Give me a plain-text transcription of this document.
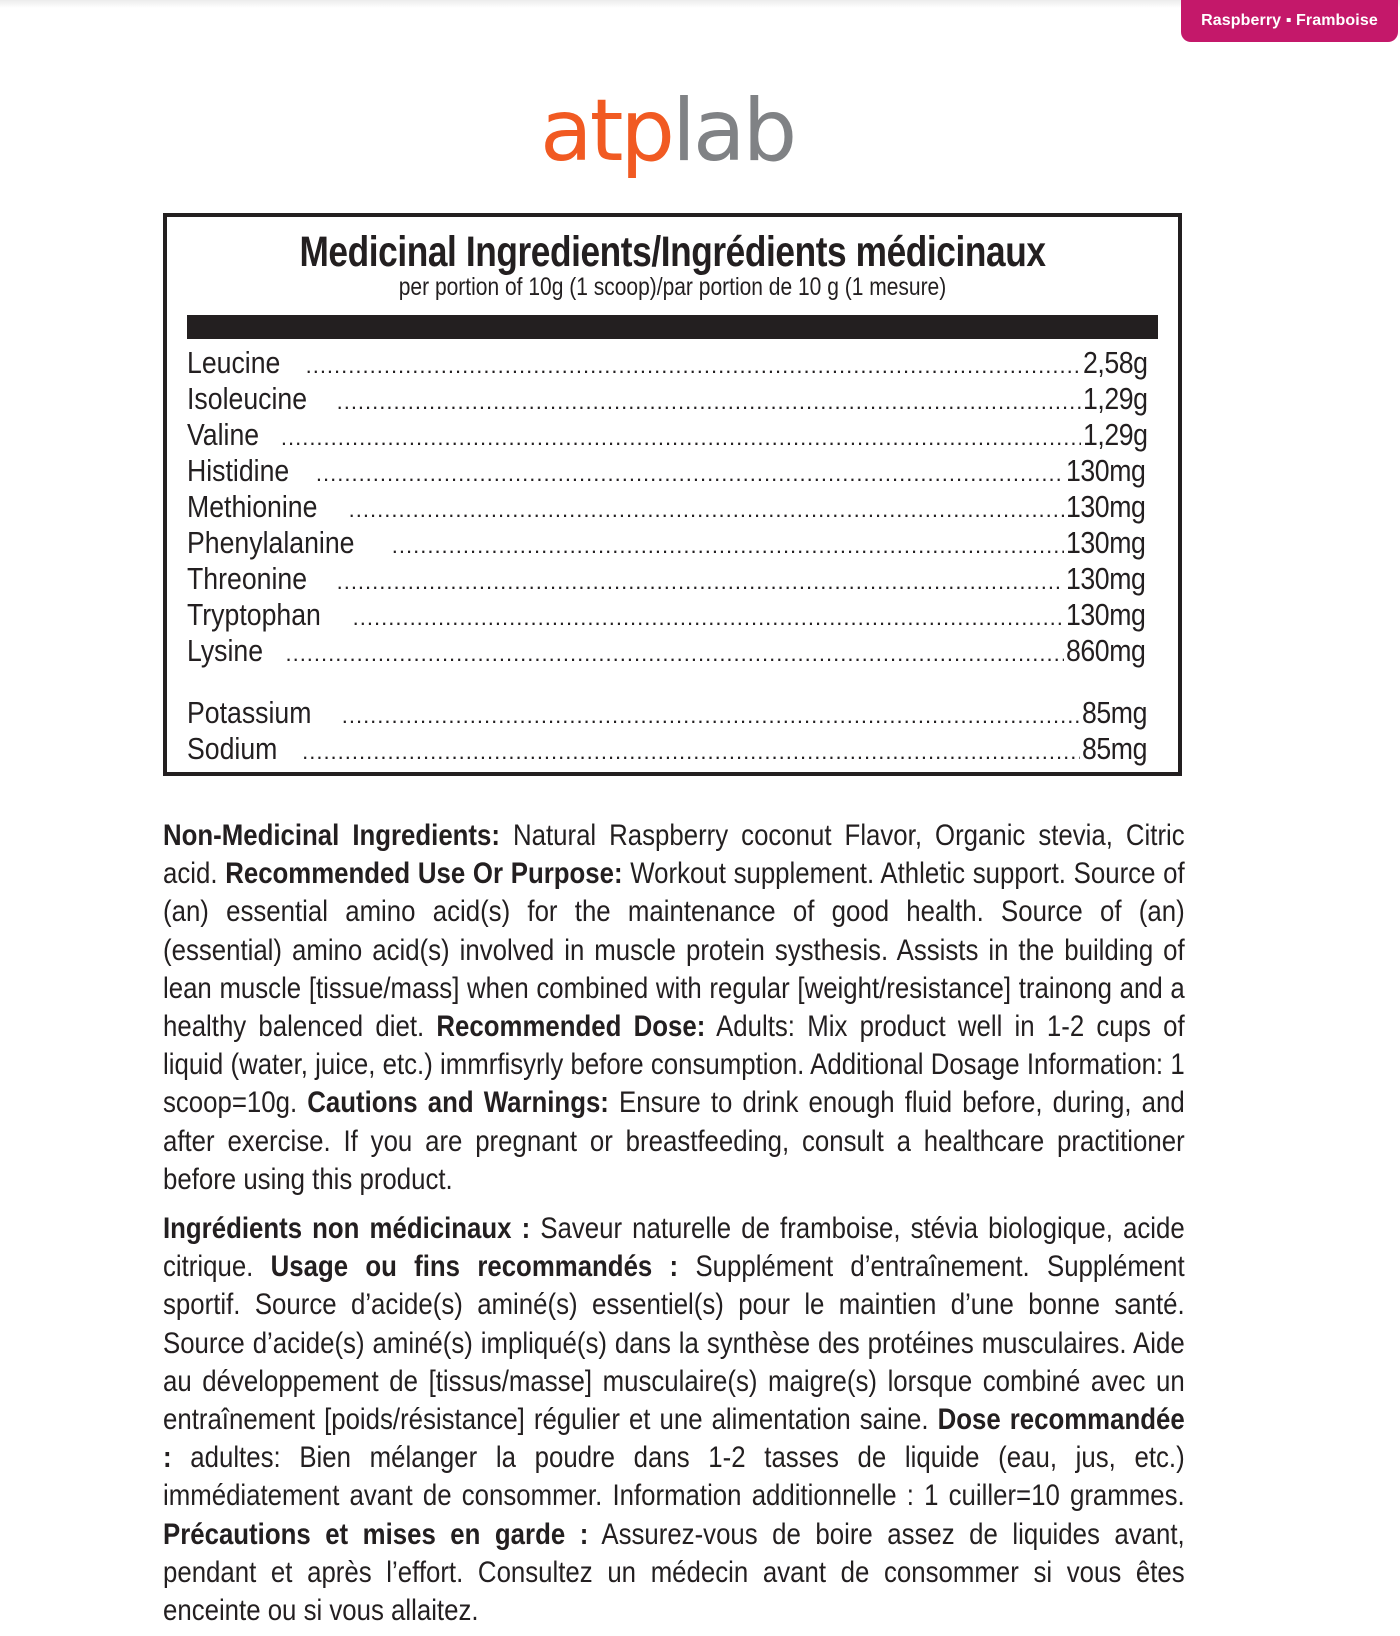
Raspberry ▪ Framboise
atplab
Medicinal Ingredients/Ingrédients médicinaux
per portion of 10g (1 scoop)/par portion de 10 g (1 mesure)
Leucine .....	2,58g
Isoleucine .....	1,29g
Valine .....	1,29g
Histidine .....	130mg
Methionine .....	130mg
Phenylalanine .....	130mg
Threonine .....	130mg
Tryptophan .....	130mg
Lysine .....	860mg
Potassium .....	85mg
Sodium .....	85mg
Non-Medicinal Ingredients: Natural Raspberry coconut Flavor, Organic stevia, Citric acid. Recommended Use Or Purpose: Workout supplement. Athletic support. Source of (an) essential amino acid(s) for the maintenance of good health. Source of (an) (essential) amino acid(s) involved in muscle protein systhesis. Assists in the building of lean muscle [tissue/mass] when combined with regular [weight/resistance] trainong and a healthy balenced diet. Recommended Dose: Adults: Mix product well in 1-2 cups of liquid (water, juice, etc.) immrfisyrly before consumption. Additional Dosage Information: 1 scoop=10g. Cautions and Warnings: Ensure to drink enough fluid before, during, and after exercise. If you are pregnant or breastfeeding, consult a healthcare practitioner before using this product.
Ingrédients non médicinaux : Saveur naturelle de framboise, stévia biologique, acide citrique. Usage ou fins recommandés : Supplément d’entraînement. Supplément sportif. Source d’acide(s) aminé(s) essentiel(s) pour le maintien d’une bonne santé. Source d’acide(s) aminé(s) impliqué(s) dans la synthèse des protéines musculaires. Aide au développement de [tissus/masse] musculaire(s) maigre(s) lorsque combiné avec un entraînement [poids/résistance] régulier et une alimentation saine. Dose recommandée : adultes: Bien mélanger la poudre dans 1-2 tasses de liquide (eau, jus, etc.) immédiatement avant de consommer. Information additionnelle : 1 cuiller=10 grammes. Précautions et mises en garde : Assurez-vous de boire assez de liquides avant, pendant et après l’effort. Consultez un médecin avant de consommer si vous êtes enceinte ou si vous allaitez.
